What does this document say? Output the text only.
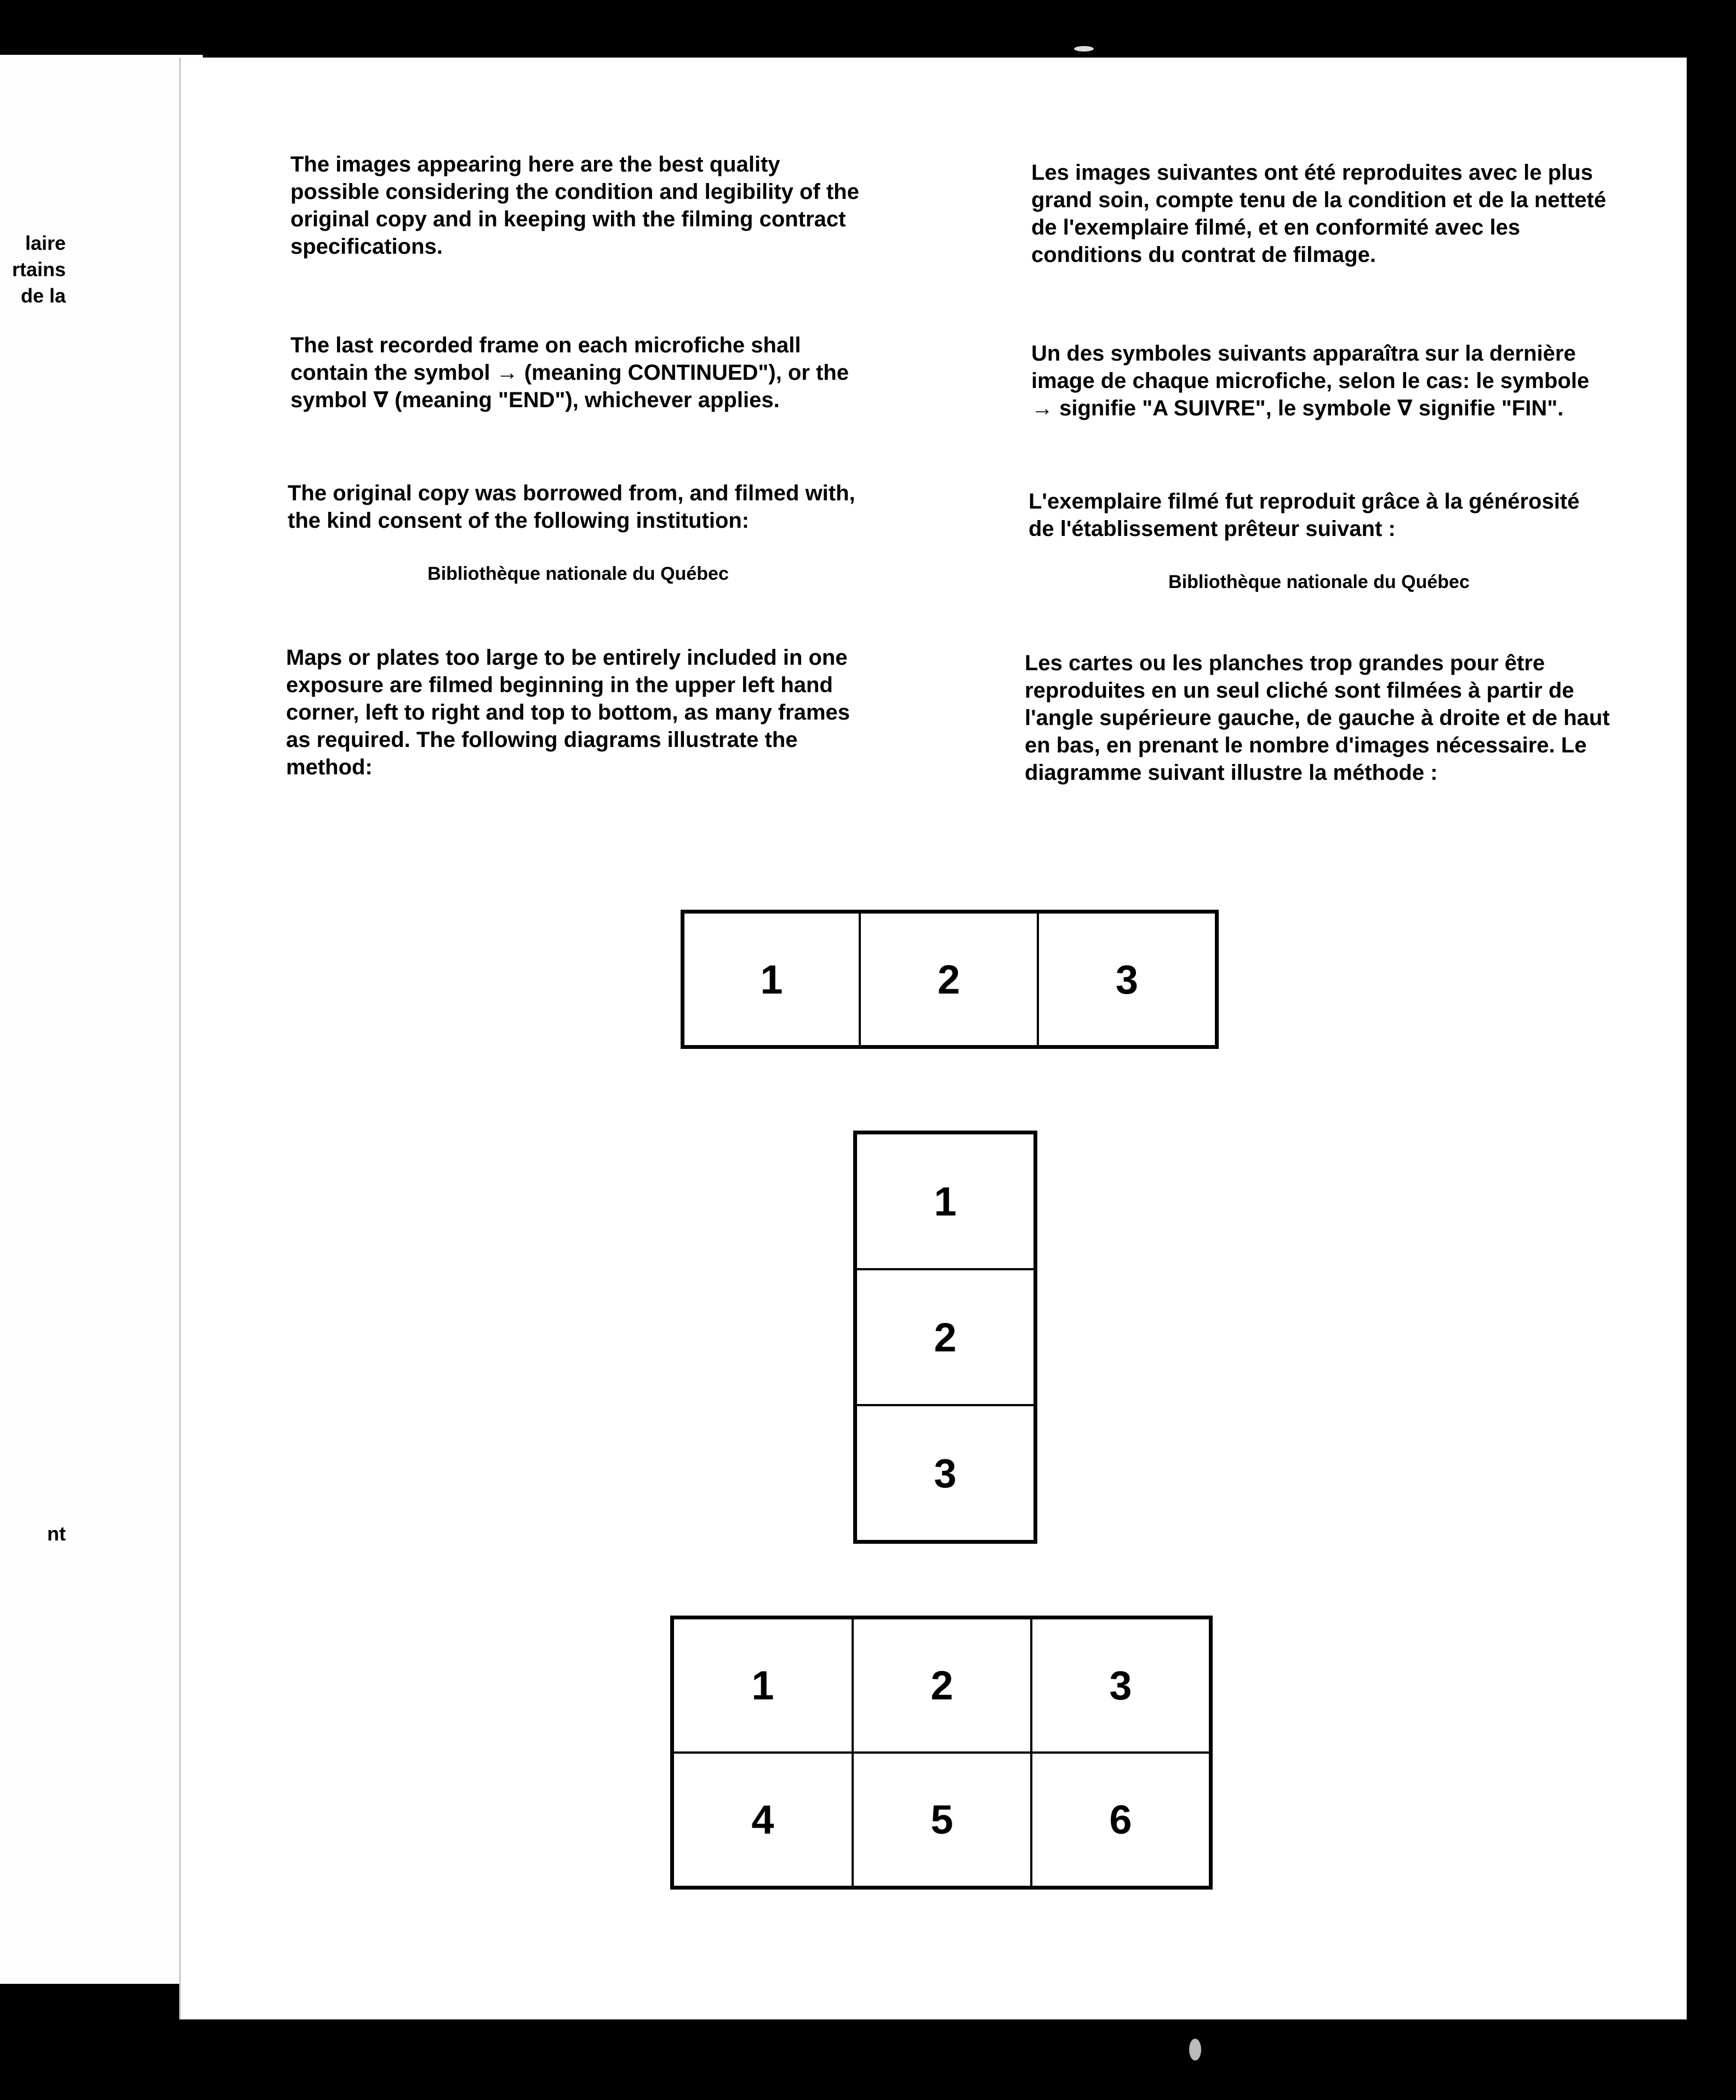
laire
rtains
de la
nt

The images appearing here are the best quality possible considering the condition and legibility of the original copy and in keeping with the filming contract specifications.

The last recorded frame on each microfiche shall contain the symbol → (meaning CONTINUED"), or the symbol ∇ (meaning "END"), whichever applies.

The original copy was borrowed from, and filmed with, the kind consent of the following institution:

Bibliothèque nationale du Québec

Maps or plates too large to be entirely included in one exposure are filmed beginning in the upper left hand corner, left to right and top to bottom, as many frames as required. The following diagrams illustrate the method:

Les images suivantes ont été reproduites avec le plus grand soin, compte tenu de la condition et de la netteté de l'exemplaire filmé, et en conformité avec les conditions du contrat de filmage.

Un des symboles suivants apparaîtra sur la dernière image de chaque microfiche, selon le cas: le symbole → signifie "A SUIVRE", le symbole ∇ signifie "FIN".

L'exemplaire filmé fut reproduit grâce à la générosité de l'établissement prêteur suivant :

Bibliothèque nationale du Québec

Les cartes ou les planches trop grandes pour être reproduites en un seul cliché sont filmées à partir de l'angle supérieure gauche, de gauche à droite et de haut en bas, en prenant le nombre d'images nécessaire. Le diagramme suivant illustre la méthode :

1	2	3
1
2
3
1	2	3
4	5	6
